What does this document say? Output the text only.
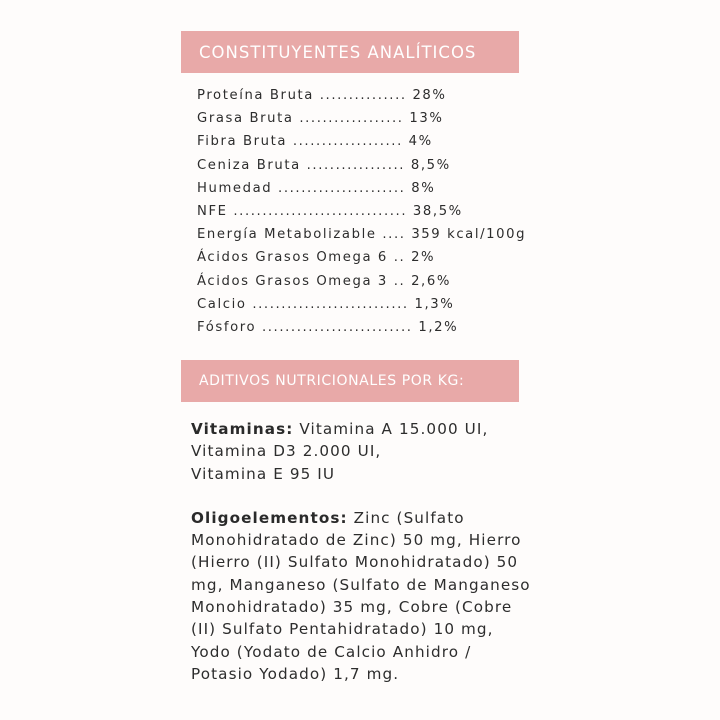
CONSTITUYENTES ANALÍTICOS
Proteína Bruta ............... 28%
Grasa Bruta .................. 13%
Fibra Bruta ................... 4%
Ceniza Bruta ................. 8,5%
Humedad ...................... 8%
NFE .............................. 38,5%
Energía Metabolizable .... 359 kcal/100g
Ácidos Grasos Omega 6 .. 2%
Ácidos Grasos Omega 3 .. 2,6%
Calcio ........................... 1,3%
Fósforo .......................... 1,2%
ADITIVOS NUTRICIONALES POR KG:

Vitaminas: Vitamina A 15.000 UI,
Vitamina D3 2.000 UI,
Vitamina E 95 IU

Oligoelementos: Zinc (Sulfato
Monohidratado de Zinc) 50 mg, Hierro
(Hierro (II) Sulfato Monohidratado) 50
mg, Manganeso (Sulfato de Manganeso
Monohidratado) 35 mg, Cobre (Cobre
(II) Sulfato Pentahidratado) 10 mg,
Yodo (Yodato de Calcio Anhidro /
Potasio Yodado) 1,7 mg.
